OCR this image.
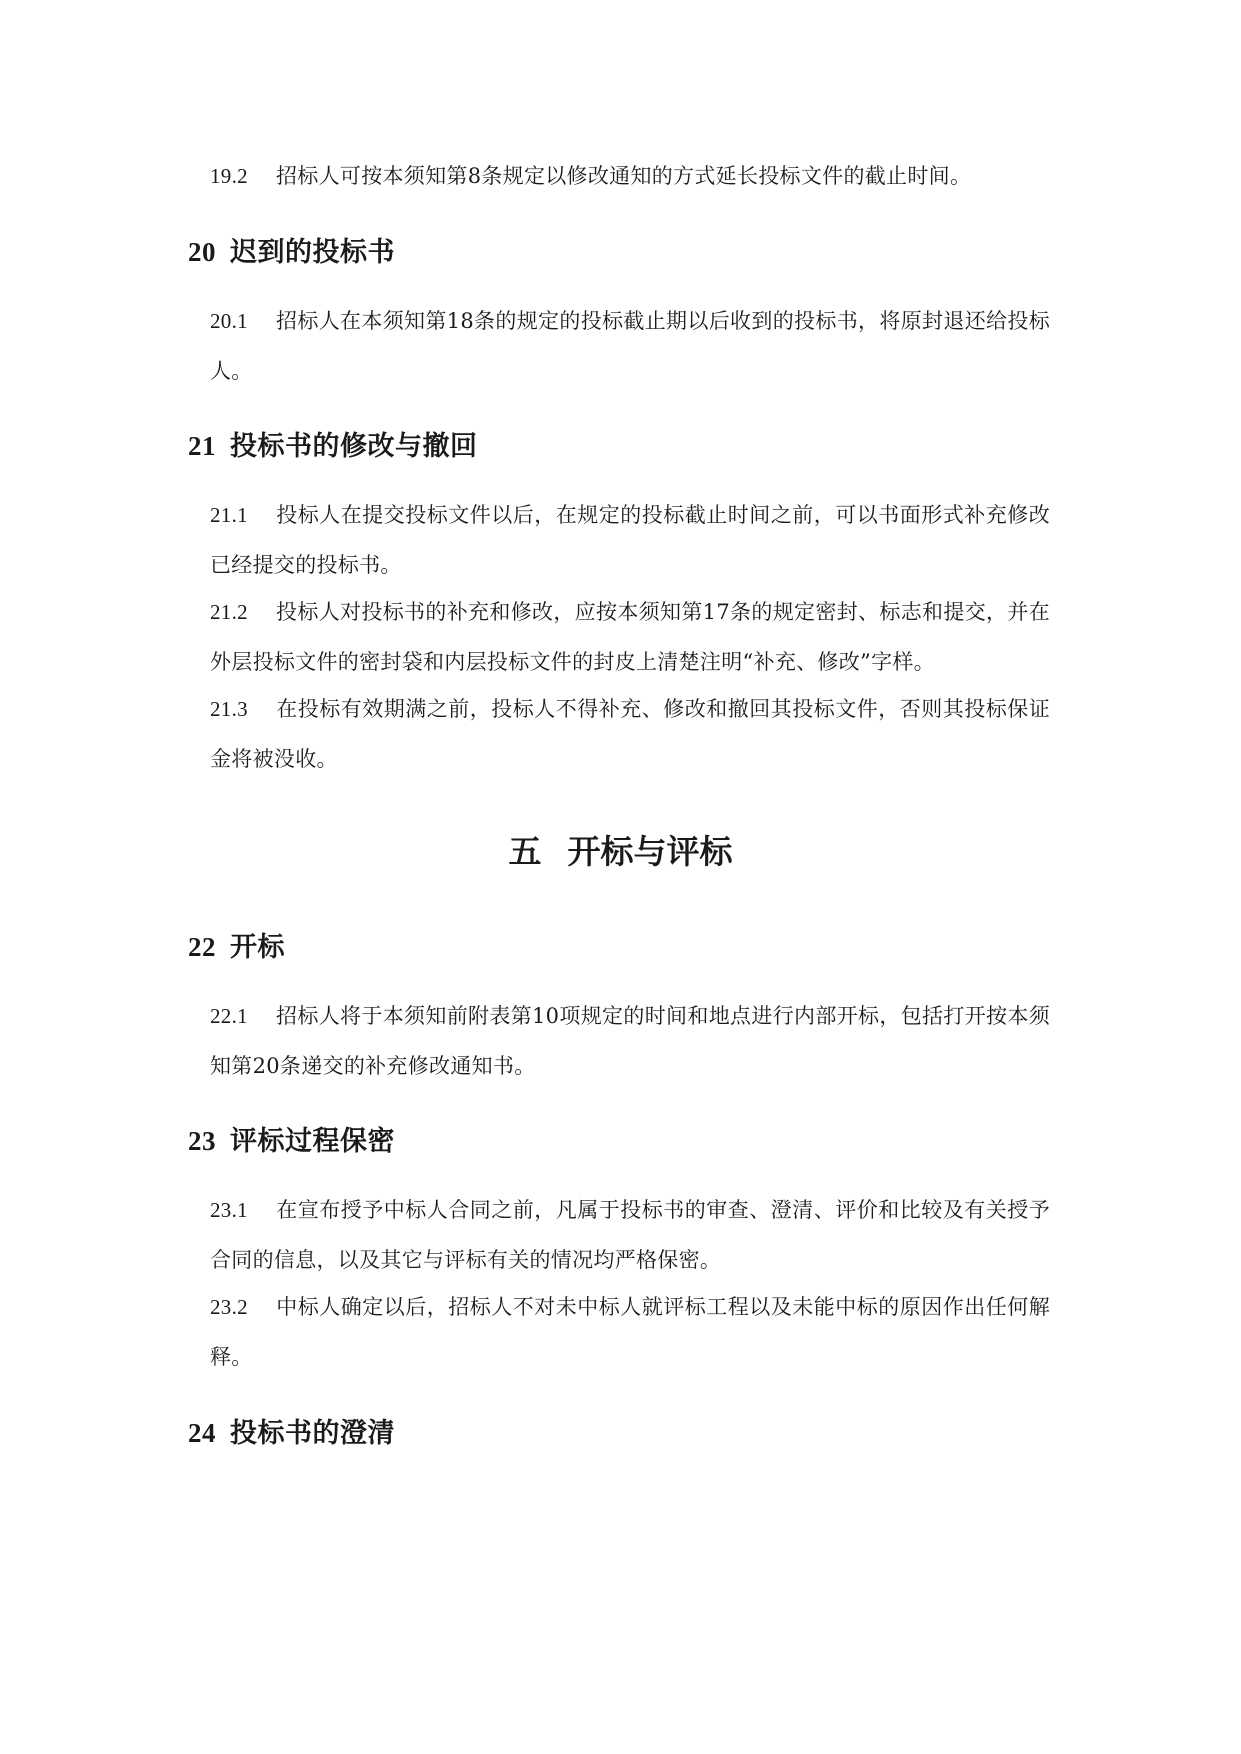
19.2 招标人可按本须知第8条规定以修改通知的方式延长投标文件的截止时间。
20 迟到的投标书
20.1 招标人在本须知第18条的规定的投标截止期以后收到的投标书，将原封退还给投标人。
21 投标书的修改与撤回
21.1 投标人在提交投标文件以后，在规定的投标截止时间之前，可以书面形式补充修改已经提交的投标书。
21.2 投标人对投标书的补充和修改，应按本须知第17条的规定密封、标志和提交，并在外层投标文件的密封袋和内层投标文件的封皮上清楚注明“补充、修改”字样。
21.3 在投标有效期满之前，投标人不得补充、修改和撤回其投标文件，否则其投标保证金将被没收。
五 开标与评标
22 开标
22.1 招标人将于本须知前附表第10项规定的时间和地点进行内部开标，包括打开按本须知第20条递交的补充修改通知书。
23 评标过程保密
23.1 在宣布授予中标人合同之前，凡属于投标书的审查、澄清、评价和比较及有关授予合同的信息，以及其它与评标有关的情况均严格保密。
23.2 中标人确定以后，招标人不对未中标人就评标工程以及未能中标的原因作出任何解释。
24 投标书的澄清
